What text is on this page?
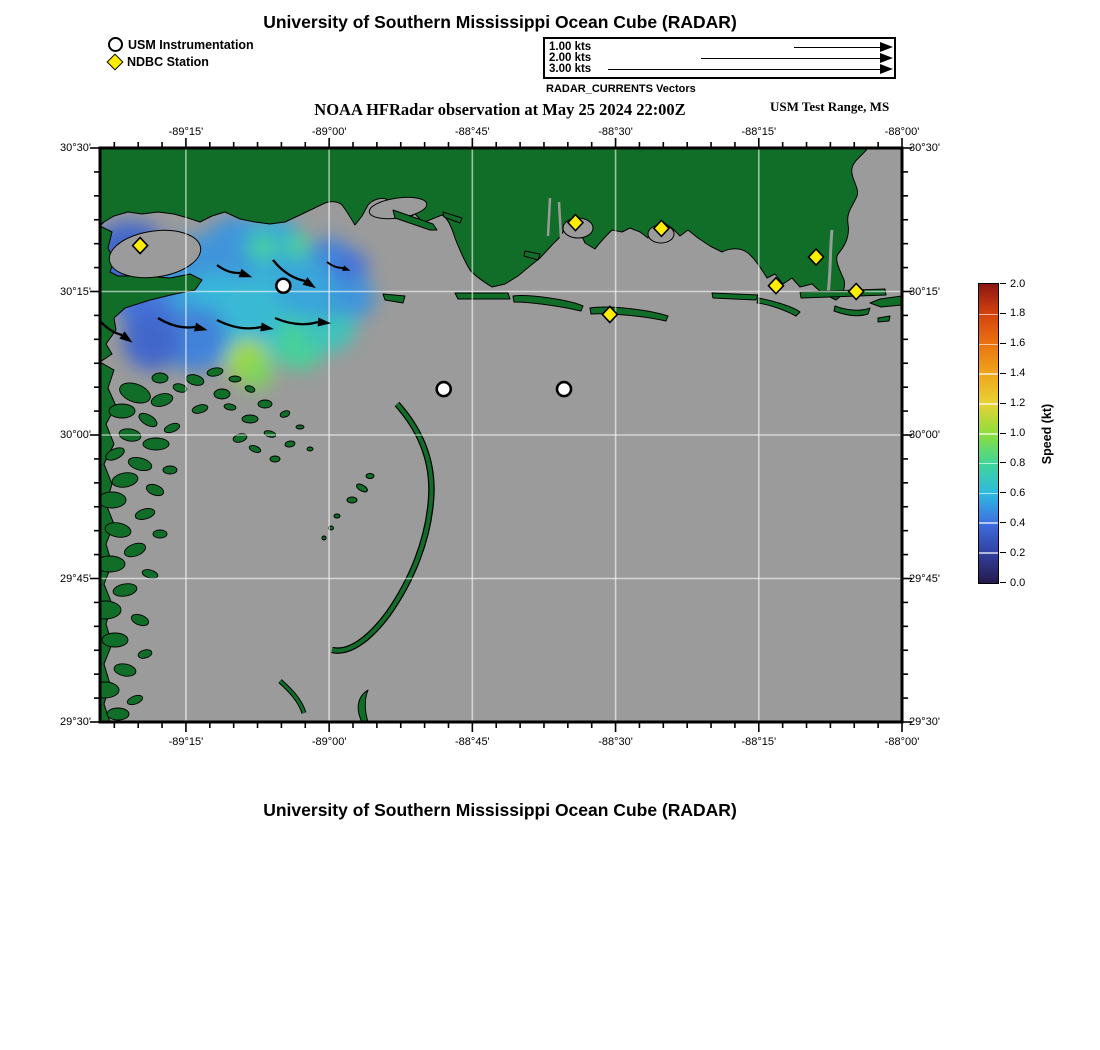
University of Southern Mississippi Ocean Cube (RADAR)
USM Instrumentation
NDBC Station
1.00 kts
2.00 kts
3.00 kts
RADAR_CURRENTS Vectors
NOAA HFRadar observation at May 25 2024 22:00Z	USM Test Range, MS
-89°15'
-89°15'
-89°00'
-89°00'
-88°45'
-88°45'
-88°30'
-88°30'
-88°15'
-88°15'
-88°00'
-88°00'
30°30'	30°30'
30°15'	30°15'
30°00'	30°00'
29°45'	29°45'
29°30'	29°30'
2.0
1.8
1.6
1.4
1.2
1.0
0.8
0.6
0.4
0.2
0.0
Speed (kt)
University of Southern Mississippi Ocean Cube (RADAR)
